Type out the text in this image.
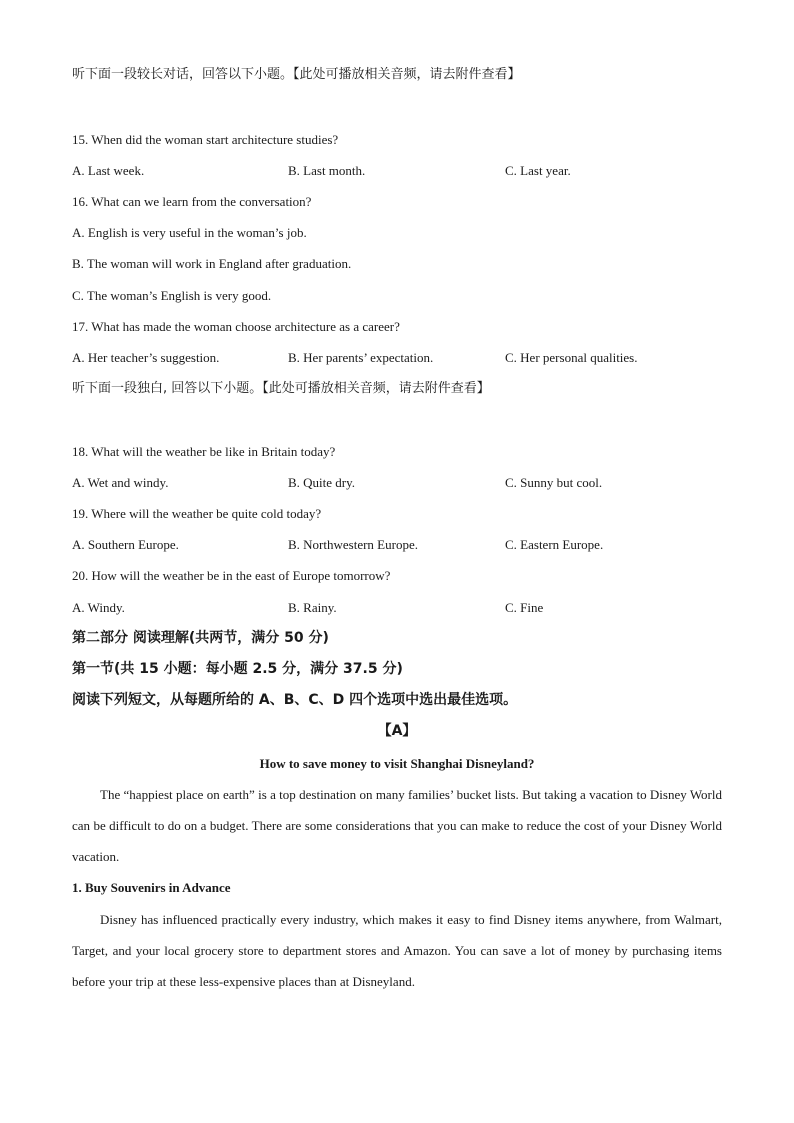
听下面一段较长对话，回答以下小题。【此处可播放相关音频，请去附件查看】
15. When did the woman start architecture studies?
A. Last week.	B. Last month.	C. Last year.
16. What can we learn from the conversation?
A. English is very useful in the woman’s job.
B. The woman will work in England after graduation.
C. The woman’s English is very good.
17. What has made the woman choose architecture as a career?
A. Her teacher’s suggestion.	B. Her parents’ expectation.	C. Her personal qualities.
听下面一段独白, 回答以下小题。【此处可播放相关音频，请去附件查看】
18. What will the weather be like in Britain today?
A. Wet and windy.	B. Quite dry.	C. Sunny but cool.
19. Where will the weather be quite cold today?
A. Southern Europe.	B. Northwestern Europe.	C. Eastern Europe.
20. How will the weather be in the east of Europe tomorrow?
A. Windy.	B. Rainy.	C. Fine
第二部分 阅读理解(共两节，满分 50 分)
第一节(共 15 小题：每小题 2.5 分，满分 37.5 分)
阅读下列短文，从每题所给的 A、B、C、D 四个选项中选出最佳选项。
【A】
How to save money to visit Shanghai Disneyland?

The “happiest place on earth” is a top destination on many families’ bucket lists. But taking a vacation to Disney World can be difficult to do on a budget. There are some considerations that you can make to reduce the cost of your Disney World vacation.

1. Buy Souvenirs in Advance

Disney has influenced practically every industry, which makes it easy to find Disney items anywhere, from Walmart, Target, and your local grocery store to department stores and Amazon. You can save a lot of money by purchasing items before your trip at these less-expensive places than at Disneyland.
